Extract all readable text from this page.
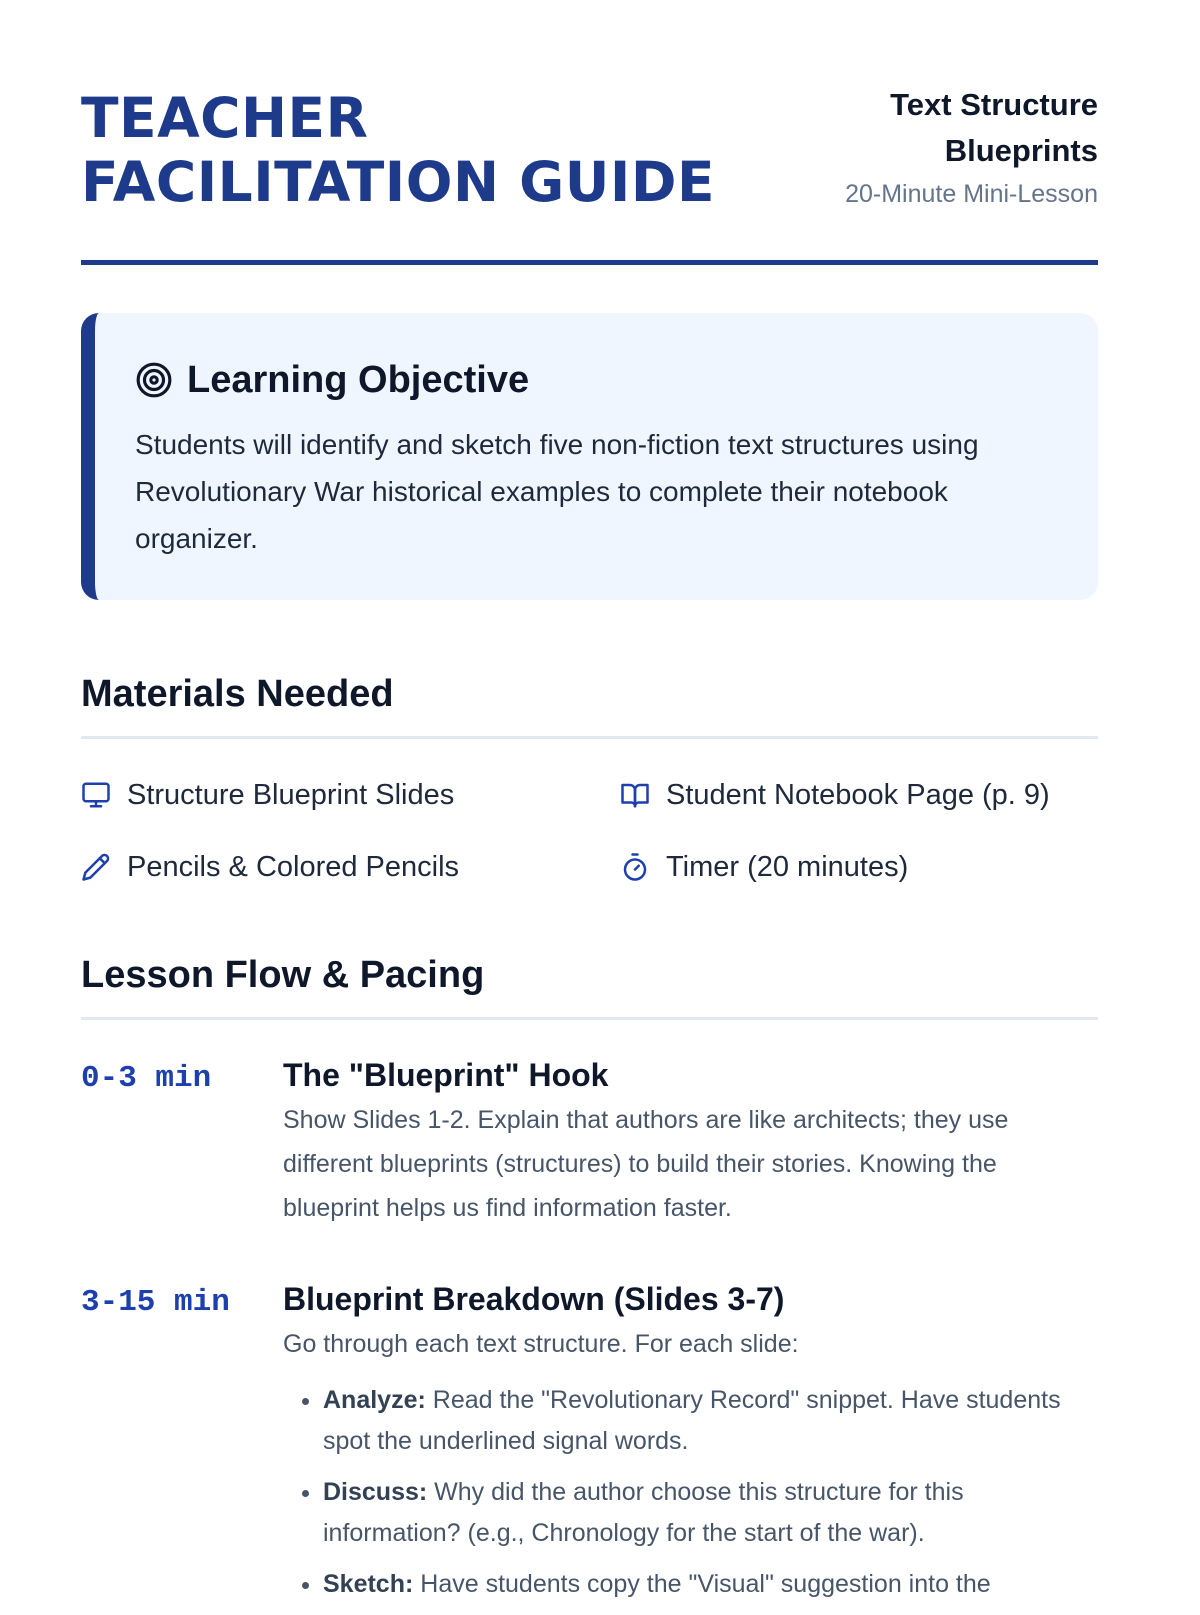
TEACHER
FACILITATION GUIDE
Text Structure
Blueprints
20-Minute Mini-Lesson
Learning Objective
Students will identify and sketch five non-fiction text structures using Revolutionary War historical examples to complete their notebook organizer.
Materials Needed
Structure Blueprint Slides	Student Notebook Page (p. 9)
Pencils & Colored Pencils	Timer (20 minutes)
Lesson Flow & Pacing
0-3 min	The "Blueprint" Hook
Show Slides 1-2. Explain that authors are like architects; they use different blueprints (structures) to build their stories. Knowing the blueprint helps us find information faster.
3-15 min	Blueprint Breakdown (Slides 3-7)
Go through each text structure. For each slide:
• Analyze: Read the "Revolutionary Record" snippet. Have students spot the underlined signal words.
• Discuss: Why did the author choose this structure for this information? (e.g., Chronology for the start of the war).
• Sketch: Have students copy the "Visual" suggestion into the
